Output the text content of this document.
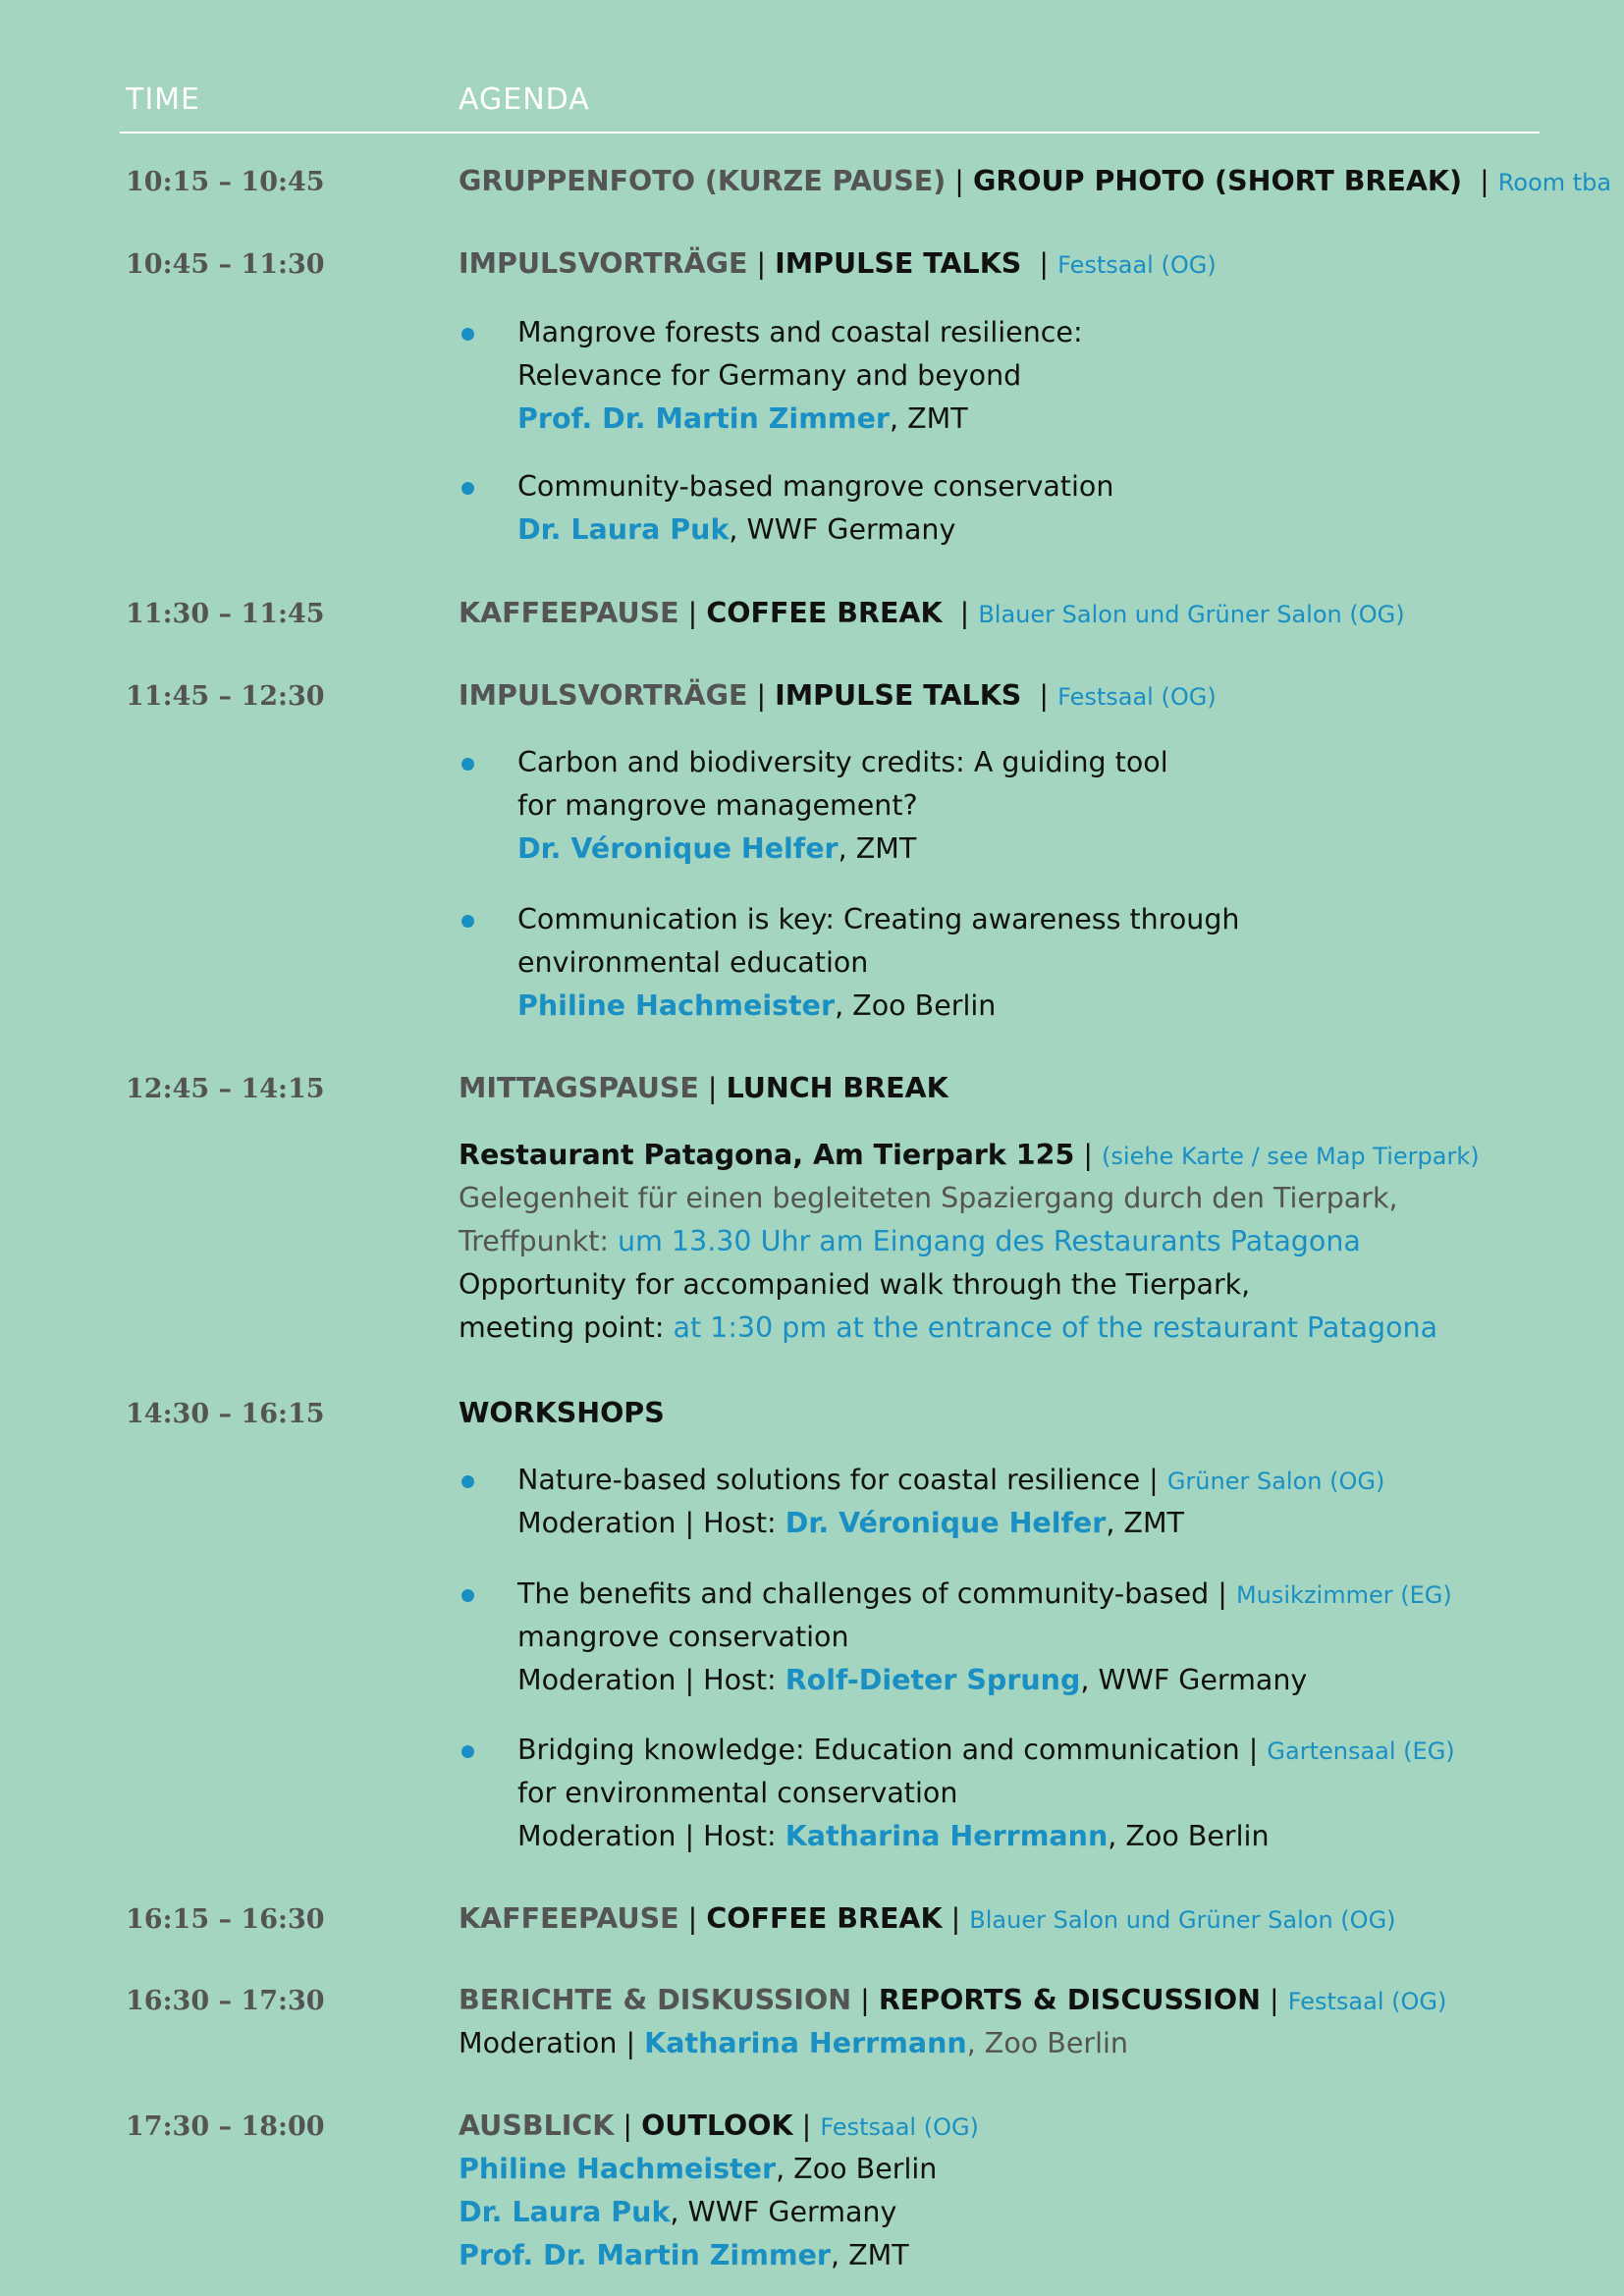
TIME	AGENDA
10:15 – 10:45	GRUPPENFOTO (KURZE PAUSE) | GROUP PHOTO (SHORT BREAK)  | Room tba
10:45 – 11:30	IMPULSVORTRÄGE | IMPULSE TALKS  | Festsaal (OG)
Mangrove forests and coastal resilience:
Relevance for Germany and beyond
Prof. Dr. Martin Zimmer, ZMT
Community-based mangrove conservation
Dr. Laura Puk, WWF Germany
11:30 – 11:45	KAFFEEPAUSE | COFFEE BREAK  | Blauer Salon und Grüner Salon (OG)
11:45 – 12:30	IMPULSVORTRÄGE | IMPULSE TALKS  | Festsaal (OG)
Carbon and biodiversity credits: A guiding tool
for mangrove management?
Dr. Véronique Helfer, ZMT
Communication is key: Creating awareness through
environmental education
Philine Hachmeister, Zoo Berlin
12:45 – 14:15	MITTAGSPAUSE | LUNCH BREAK
Restaurant Patagona, Am Tierpark 125 | (siehe Karte / see Map Tierpark)
Gelegenheit für einen begleiteten Spaziergang durch den Tierpark,
Treffpunkt: um 13.30 Uhr am Eingang des Restaurants Patagona
Opportunity for accompanied walk through the Tierpark,
meeting point: at 1:30 pm at the entrance of the restaurant Patagona
14:30 – 16:15	WORKSHOPS
Nature-based solutions for coastal resilience | Grüner Salon (OG)
Moderation | Host: Dr. Véronique Helfer, ZMT
The benefits and challenges of community-based | Musikzimmer (EG)
mangrove conservation
Moderation | Host: Rolf-Dieter Sprung, WWF Germany
Bridging knowledge: Education and communication | Gartensaal (EG)
for environmental conservation
Moderation | Host: Katharina Herrmann, Zoo Berlin
16:15 – 16:30	KAFFEEPAUSE | COFFEE BREAK | Blauer Salon und Grüner Salon (OG)
16:30 – 17:30	BERICHTE & DISKUSSION | REPORTS & DISCUSSION | Festsaal (OG)
Moderation | Katharina Herrmann, Zoo Berlin
17:30 – 18:00	AUSBLICK | OUTLOOK | Festsaal (OG)
Philine Hachmeister, Zoo Berlin
Dr. Laura Puk, WWF Germany
Prof. Dr. Martin Zimmer, ZMT
